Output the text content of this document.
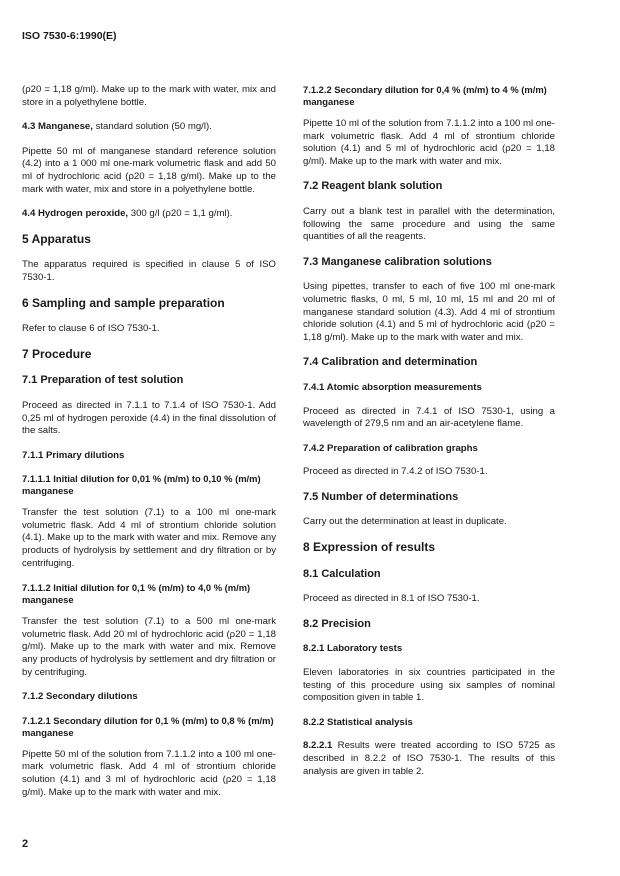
ISO 7530-6:1990(E)

(ρ20 = 1,18 g/ml). Make up to the mark with water, mix and store in a polyethylene bottle.

4.3 Manganese, standard solution (50 mg/l).

Pipette 50 ml of manganese standard reference solution (4.2) into a 1 000 ml one-mark volumetric flask and add 50 ml of hydrochloric acid (ρ20 = 1,18 g/ml). Make up to the mark with water, mix and store in a polyethylene bottle.

4.4 Hydrogen peroxide, 300 g/l (ρ20 = 1,1 g/ml).

5 Apparatus

The apparatus required is specified in clause 5 of ISO 7530-1.

6 Sampling and sample preparation

Refer to clause 6 of ISO 7530-1.

7 Procedure
7.1 Preparation of test solution

Proceed as directed in 7.1.1 to 7.1.4 of ISO 7530-1. Add 0,25 ml of hydrogen peroxide (4.4) in the final dissolution of the salts.

7.1.1 Primary dilutions
7.1.1.1 Initial dilution for 0,01 % (m/m) to 0,10 % (m/m) manganese

Transfer the test solution (7.1) to a 100 ml one-mark volumetric flask. Add 4 ml of strontium chloride solution (4.1). Make up to the mark with water and mix. Remove any products of hydrolysis by settlement and dry filtration or by centrifuging.

7.1.1.2 Initial dilution for 0,1 % (m/m) to 4,0 % (m/m) manganese

Transfer the test solution (7.1) to a 500 ml one-mark volumetric flask. Add 20 ml of hydrochloric acid (ρ20 = 1,18 g/ml). Make up to the mark with water and mix. Remove any products of hydrolysis by settlement and dry filtration or by centrifuging.

7.1.2 Secondary dilutions
7.1.2.1 Secondary dilution for 0,1 % (m/m) to 0,8 % (m/m) manganese

Pipette 50 ml of the solution from 7.1.1.2 into a 100 ml one-mark volumetric flask. Add 4 ml of strontium chloride solution (4.1) and 3 ml of hydrochloric acid (ρ20 = 1,18 g/ml). Make up to the mark with water and mix.

7.1.2.2 Secondary dilution for 0,4 % (m/m) to 4 % (m/m) manganese

Pipette 10 ml of the solution from 7.1.1.2 into a 100 ml one-mark volumetric flask. Add 4 ml of strontium chloride solution (4.1) and 5 ml of hydrochloric acid (ρ20 = 1,18 g/ml). Make up to the mark with water and mix.

7.2 Reagent blank solution

Carry out a blank test in parallel with the determination, following the same procedure and using the same quantities of all the reagents.

7.3 Manganese calibration solutions

Using pipettes, transfer to each of five 100 ml one-mark volumetric flasks, 0 ml, 5 ml, 10 ml, 15 ml and 20 ml of manganese standard solution (4.3). Add 4 ml of strontium chloride solution (4.1) and 5 ml of hydrochloric acid (ρ20 = 1,18 g/ml). Make up to the mark with water and mix.

7.4 Calibration and determination
7.4.1 Atomic absorption measurements

Proceed as directed in 7.4.1 of ISO 7530-1, using a wavelength of 279,5 nm and an air-acetylene flame.

7.4.2 Preparation of calibration graphs

Proceed as directed in 7.4.2 of ISO 7530-1.

7.5 Number of determinations

Carry out the determination at least in duplicate.

8 Expression of results
8.1 Calculation

Proceed as directed in 8.1 of ISO 7530-1.

8.2 Precision
8.2.1 Laboratory tests

Eleven laboratories in six countries participated in the testing of this procedure using six samples of nominal composition given in table 1.

8.2.2 Statistical analysis

8.2.2.1 Results were treated according to ISO 5725 as described in 8.2.2 of ISO 7530-1. The results of this analysis are given in table 2.

2
